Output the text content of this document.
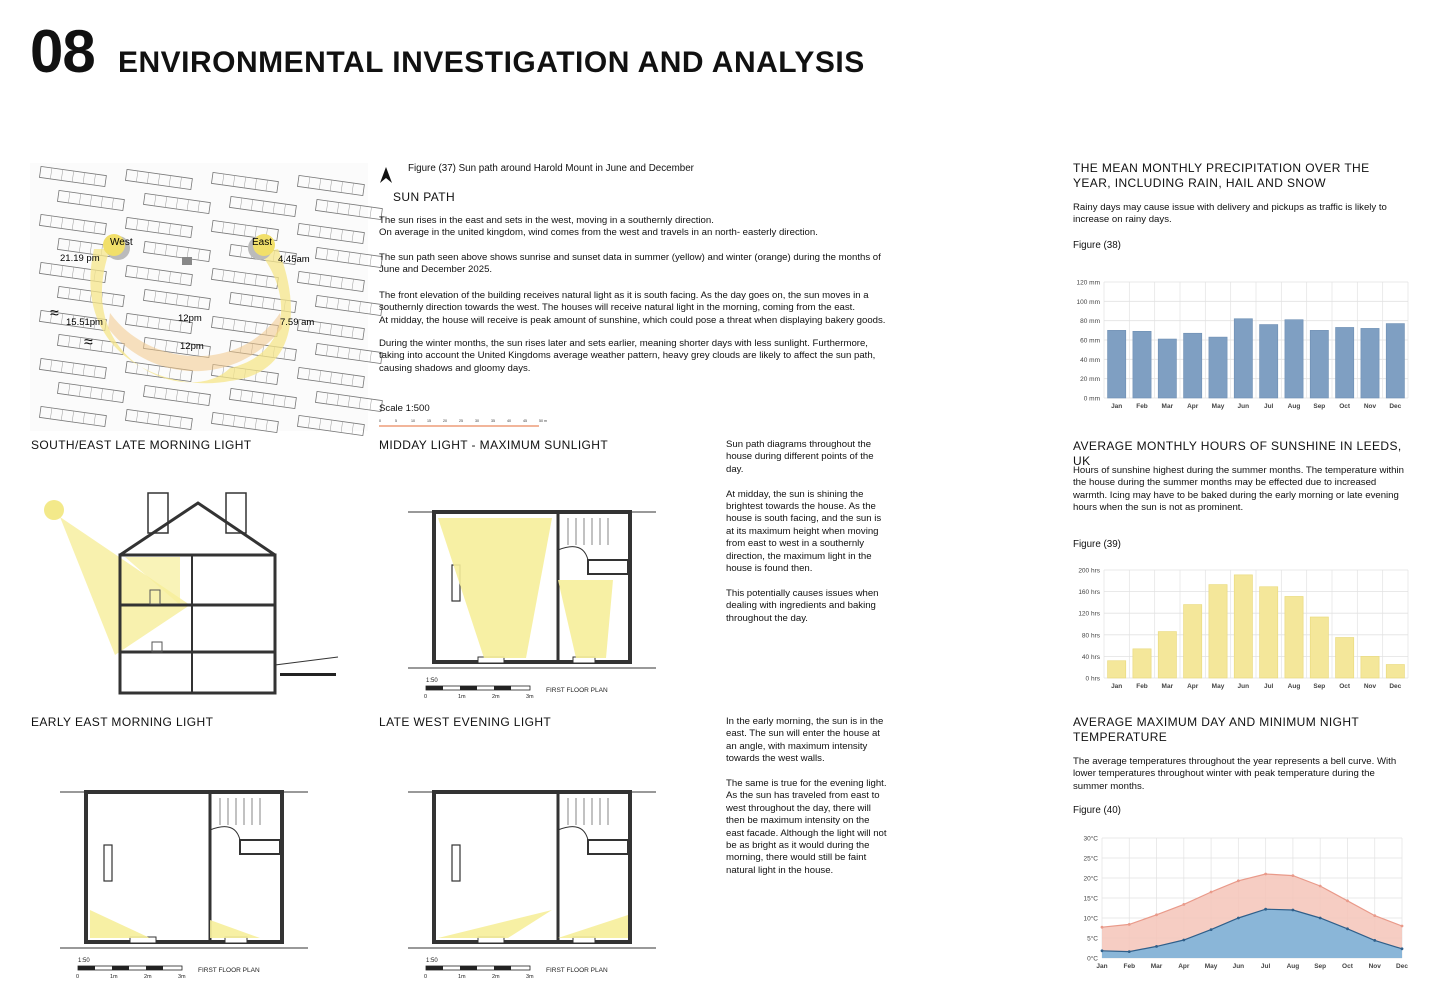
08 ENVIRONMENTAL INVESTIGATION AND ANALYSIS
West	East
21.19 pm	4.45am
15.51pm	7.59 am
12pm
12pm
≈
≈
Figure (37) Sun path around Harold Mount in June and December
SUN PATH
The sun rises in the east and sets in the west, moving in a southernly direction.
On average in the united kingdom, wind comes from the west and travels in an north- easterly direction.
The sun path seen above shows sunrise and sunset data in summer (yellow) and winter (orange) during the months of June and December 2025.
The front elevation of the building receives natural light as it is south facing. As the day goes on, the sun moves in a southernly direction towards the west. The houses will receive natural light in the morning, coming from the east.
At midday, the house will receive is peak amount of sunshine, which could pose a threat when displaying bakery goods.
During the winter months, the sun rises later and sets earlier, meaning shorter days with less sunlight. Furthermore, taking into account the United Kingdoms average weather pattern, heavy grey clouds are likely to affect the sun path, causing shadows and gloomy days.
Scale 1:500
0	5	10	15	20	25	30	35	40	45	50 m
SOUTH/EAST LATE MORNING LIGHT	MIDDAY LIGHT - MAXIMUM SUNLIGHT
EARLY EAST MORNING LIGHT	LATE WEST EVENING LIGHT
Sun path diagrams throughout the house during different points of the day.

At midday, the sun is shining the brightest towards the house. As the house is south facing, and the sun is at its maximum height when moving from east to west in a southernly direction, the maximum light in the house is found then.

This potentially causes issues when dealing with ingredients and baking throughout the day.
In the early morning, the sun is in the east. The sun will enter the house at an angle, with maximum intensity towards the west walls.

The same is true for the evening light. As the sun has traveled from east to west throughout the day, there will then be maximum intensity on the east facade. Although the light will not be as bright as it would during the morning, there would still be faint natural light in the house.
1:50
0	1m	2m	3m
FIRST FLOOR PLAN
1:50
0	1m	2m	3m
FIRST FLOOR PLAN
1:50
0	1m	2m	3m
FIRST FLOOR PLAN
THE MEAN MONTHLY PRECIPITATION OVER THE YEAR, INCLUDING RAIN, HAIL AND SNOW
Rainy days may cause issue with delivery and pickups as traffic is likely to increase on rainy days.
Figure (38)
AVERAGE MONTHLY HOURS OF SUNSHINE IN LEEDS, UK
Hours of sunshine highest during the summer months. The temperature within the house during the summer months may be effected due to increased warmth. Icing may have to be baked during the early morning or late evening hours when the sun is not as prominent.
Figure (39)
AVERAGE MAXIMUM DAY AND MINIMUM NIGHT TEMPERATURE
The average temperatures throughout the year represents a bell curve. With lower temperatures throughout winter with peak temperature during the summer months.
Figure (40)
0 mm
20 mm
40 mm
60 mm
80 mm
100 mm
120 mm
Jan Feb Mar Apr May Jun Jul Aug Sep Oct Nov Dec
0 hrs
40 hrs
80 hrs
120 hrs
160 hrs
200 hrs
Jan Feb Mar Apr May Jun Jul Aug Sep Oct Nov Dec
0°C
5°C
10°C
15°C
20°C
25°C
30°C
Jan Feb Mar Apr May Jun	Jul Aug Sep Oct Nov Dec
